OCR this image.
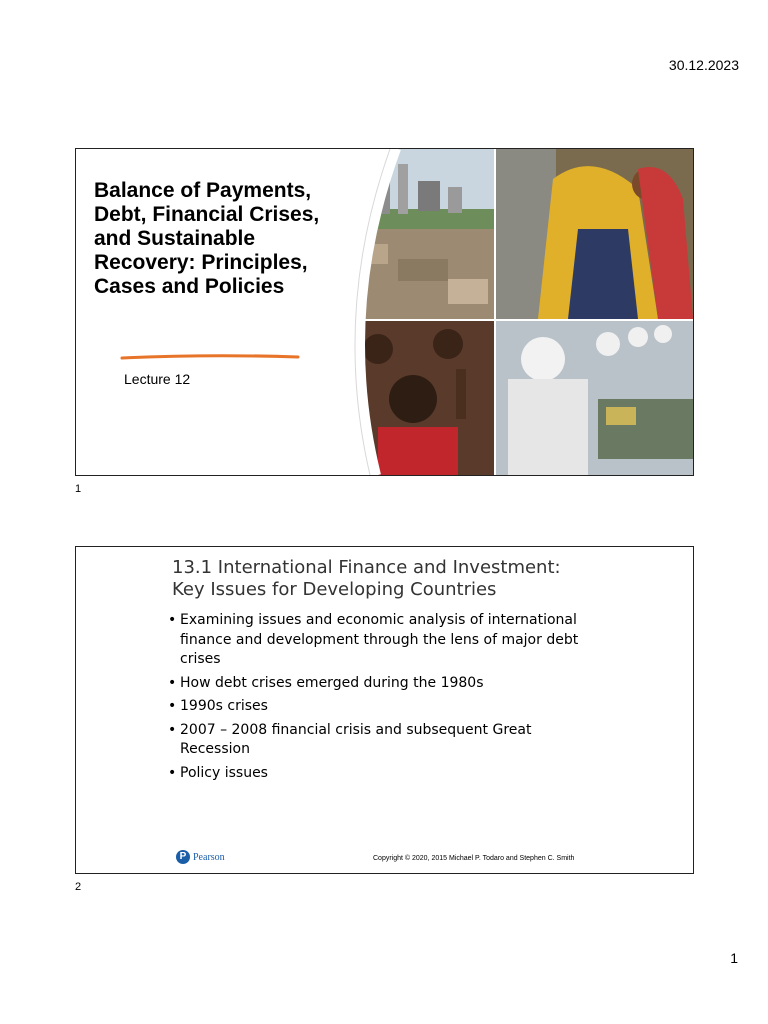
30.12.2023
Balance of Payments, Debt, Financial Crises, and Sustainable Recovery: Principles, Cases and Policies
Lecture 12
1
13.1 International Finance and Investment:
Key Issues for Developing Countries
• Examining issues and economic analysis of international finance and development through the lens of major debt crises
• How debt crises emerged during the 1980s
• 1990s crises
• 2007 – 2008 financial crisis and subsequent Great Recession
• Policy issues
P Pearson	Copyright © 2020, 2015 Michael P. Todaro and Stephen C. Smith
2
1
